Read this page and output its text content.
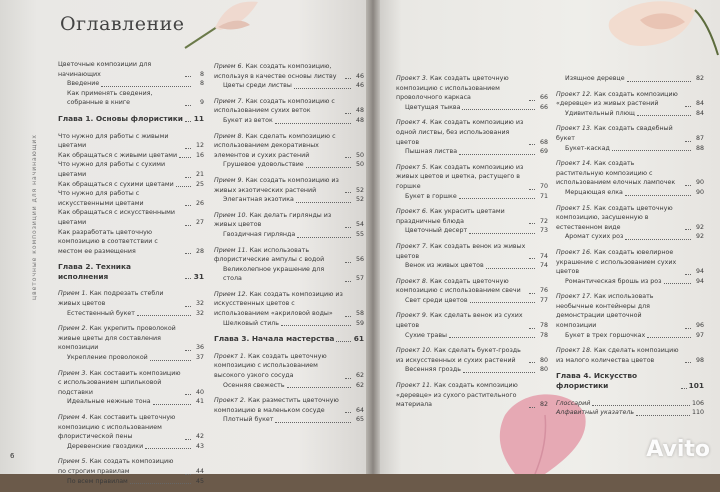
Оглавление
цветочные композиции для начинающих
6
Цветочные композиции для начинающих	8
Введение	8
Как применять сведения, собранные в книге	9
Глава 1. Основы флористики 11
Что нужно для работы с живыми цветами	12
Как обращаться с живыми цветами	16
Что нужно для работы с сухими цветами	21
Как обращаться с сухими цветами	25
Что нужно для работы с искусственными цветами	26
Как обращаться с искусственными цветами	27
Как разработать цветочную композицию в соответствии с местом ее размещения	28
Глава 2. Техника исполнения	31
Прием 1. Как подрезать стебли живых цветов	32
Естественный букет	32
Прием 2. Как укрепить проволокой живые цветы для составления композиции	36
Укрепление проволокой	37
Прием 3. Как составить композицию с использованием шпильковой подставки	40
Идеальные нежные тона	41
Прием 4. Как составить цветочную композицию с использованием флористической пены	42
Деревенские гвоздики	43
Прием 5. Как создать композицию по строгим правилам	44
По всем правилам	45
Прием 6. Как создать композицию, используя в качестве основы листву	46
Цветы среди листвы	46
Прием 7. Как создать композицию с использованием сухих веток	48
Букет из веток	48
Прием 8. Как сделать композицию с использованием декоративных элементов и сухих растений	50
Грушевое удовольствие	50
Прием 9. Как создать композицию из живых экзотических растений	52
Элегантная экзотика	52
Прием 10. Как делать гирлянды из живых цветов	54
Гвоздичная гирлянда	55
Прием 11. Как использовать флористические ампулы с водой	56
Великолепное украшение для стола	57
Прием 12. Как создать композицию из искусственных цветов с использованием «акриловой воды»	58
Шелковый стиль	59
Глава 3. Начала мастерства	61
Проект 1. Как создать цветочную композицию с использованием высокого узкого сосуда	62
Осенняя свежесть	62
Проект 2. Как разместить цветочную композицию в маленьком сосуде	64
Плотный букет	65
Проект 3. Как создать цветочную композицию с использованием проволочного каркаса	66
Цветущая тыква	66
Проект 4. Как создать композицию из одной листвы, без использования цветов	68
Пышная листва	69
Проект 5. Как создать композицию из живых цветов и цветка, растущего в горшке	70
Букет в горшке	71
Проект 6. Как украсить цветами праздничные блюда	72
Цветочный десерт	73
Проект 7. Как создать венок из живых цветов	74
Венок из живых цветов	74
Проект 8. Как создать цветочную композицию с использованием свечи	76
Свет среди цветов	77
Проект 9. Как сделать венок из сухих цветов	78
Сухие травы	78
Проект 10. Как сделать букет-гроздь из искусственных и сухих растений	80
Весенняя гроздь	80
Проект 11. Как создать композицию «деревце» из сухого растительного материала	82
Изящное деревце	82
Проект 12. Как создать композицию «деревце» из живых растений	84
Удивительный плющ	84
Проект 13. Как создать свадебный букет	87
Букет-каскад	88
Проект 14. Как создать растительную композицию с использованием елочных лампочек	90
Мерцающая елка	90
Проект 15. Как создать цветочную композицию, засушенную в естественном виде	92
Аромат сухих роз	92
Проект 16. Как создать ювелирное украшение с использованием сухих цветов	94
Романтическая брошь из роз	94
Проект 17. Как использовать необычные контейнеры для демонстрации цветочной композиции	96
Букет в трех горшочках	97
Проект 18. Как сделать композицию из малого количества цветов	98
Глава 4. Искусство флористики	101
Глоссарий	106
Алфавитный указатель	110
Avito
